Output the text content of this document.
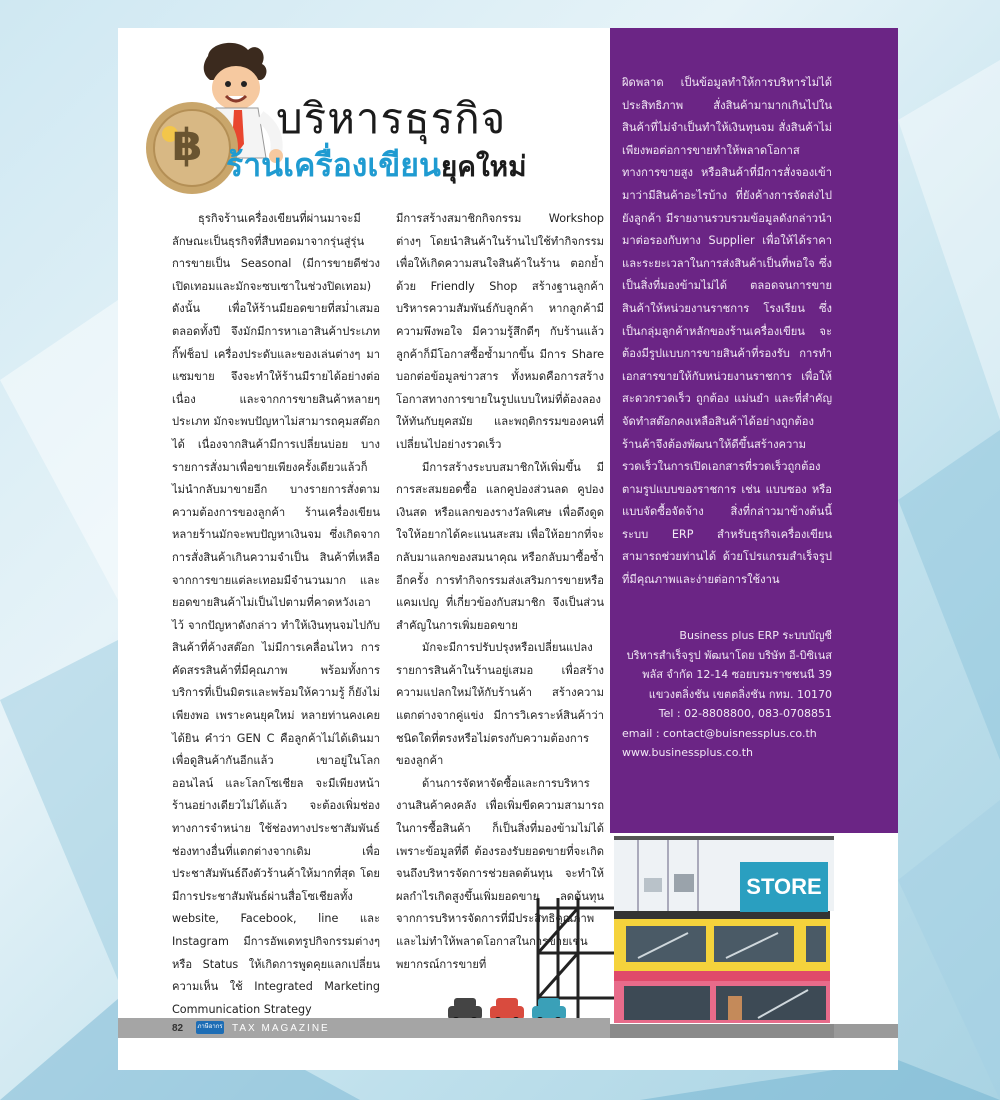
฿
บริหารธุรกิจ
ร้านเครื่องเขียนยุคใหม่

ธุรกิจร้านเครื่องเขียนที่ผ่านมาจะมีลักษณะเป็นธุรกิจที่สืบทอดมาจากรุ่นสู่รุ่น การขายเป็น Seasonal (มีการขายดีช่วงเปิดเทอมและมักจะซบเซาในช่วงปิดเทอม) ดังนั้น เพื่อให้ร้านมียอดขายที่สม่ำเสมอ ตลอดทั้งปี จึงมักมีการหาเอาสินค้าประเภทกิ๊ฟช็อป เครื่องประดับและของเล่นต่างๆ มาแซมขาย จึงจะทำให้ร้านมีรายได้อย่างต่อเนื่อง และจากการขายสินค้าหลายๆ ประเภท มักจะพบปัญหาไม่สามารถคุมสต๊อกได้ เนื่องจากสินค้ามีการเปลี่ยนบ่อย บางรายการสั่งมาเพื่อขายเพียงครั้งเดียวแล้วก็ไม่นำกลับมาขายอีก บางรายการสั่งตามความต้องการของลูกค้า ร้านเครื่องเขียนหลายร้านมักจะพบปัญหาเงินจม ซึ่งเกิดจากการสั่งสินค้าเกินความจำเป็น สินค้าที่เหลือจากการขายแต่ละเทอมมีจำนวนมาก และยอดขายสินค้าไม่เป็นไปตามที่คาดหวังเอาไว้ จากปัญหาดังกล่าว ทำให้เงินทุนจมไปกับสินค้าที่ค้างสต๊อก ไม่มีการเคลื่อนไหว การคัดสรรสินค้าที่มีคุณภาพ พร้อมทั้งการบริการที่เป็นมิตรและพร้อมให้ความรู้ ก็ยังไม่เพียงพอ เพราะคนยุคใหม่ หลายท่านคงเคยได้ยิน คำว่า GEN C คือลูกค้าไม่ได้เดินมาเพื่อดูสินค้ากันอีกแล้ว เขาอยู่ในโลกออนไลน์ และโลกโซเชียล จะมีเพียงหน้าร้านอย่างเดียวไม่ได้แล้ว จะต้องเพิ่มช่องทางการจำหน่าย ใช้ช่องทางประชาสัมพันธ์ช่องทางอื่นที่แตกต่างจากเดิม เพื่อประชาสัมพันธ์ถึงตัวร้านค้าให้มากที่สุด โดยมีการประชาสัมพันธ์ผ่านสื่อโซเชียลทั้ง website, Facebook, line และ Instagram มีการอัพเดทรูปกิจกรรมต่างๆ หรือ Status ให้เกิดการพูดคุยแลกเปลี่ยน ความเห็น ใช้ Integrated Marketing Communication Strategy

มีการสร้างสมาชิกกิจกรรม Workshop ต่างๆ โดยนำสินค้าในร้านไปใช้ทำกิจกรรม เพื่อให้เกิดความสนใจสินค้าในร้าน ตอกย้ำด้วย Friendly Shop สร้างฐานลูกค้า บริหารความสัมพันธ์กับลูกค้า หากลูกค้ามีความพึงพอใจ มีความรู้สึกดีๆ กับร้านแล้ว ลูกค้าก็มีโอกาสซื้อซ้ำมากขึ้น มีการ Share บอกต่อข้อมูลข่าวสาร ทั้งหมดคือการสร้างโอกาสทางการขายในรูปแบบใหม่ที่ต้องลองให้ทันกับยุคสมัย และพฤติกรรมของคนที่เปลี่ยนไปอย่างรวดเร็ว

มีการสร้างระบบสมาชิกให้เพิ่มขึ้น มีการสะสมยอดซื้อ แลกคูปองส่วนลด คูปองเงินสด หรือแลกของรางวัลพิเศษ เพื่อดึงดูดใจให้อยากได้คะแนนสะสม เพื่อให้อยากที่จะกลับมาแลกของสมนาคุณ หรือกลับมาซื้อซ้ำอีกครั้ง การทำกิจกรรมส่งเสริมการขายหรือแคมเปญ ที่เกี่ยวข้องกับสมาชิก จึงเป็นส่วนสำคัญในการเพิ่มยอดขาย

มักจะมีการปรับปรุงหรือเปลี่ยนแปลงรายการสินค้าในร้านอยู่เสมอ เพื่อสร้างความแปลกใหม่ให้กับร้านค้า สร้างความแตกต่างจากคู่แข่ง มีการวิเคราะห์สินค้าว่าชนิดใดที่ตรงหรือไม่ตรงกับความต้องการของลูกค้า

ด้านการจัดหาจัดซื้อและการบริหารงานสินค้าคงคลัง เพื่อเพิ่มขีดความสามารถในการซื้อสินค้า ก็เป็นสิ่งที่มองข้ามไม่ได้ เพราะข้อมูลที่ดี ต้องรองรับยอดขายที่จะเกิด จนถึงบริหารจัดการช่วยลดต้นทุน จะทำให้ผลกำไรเกิดสูงขึ้นเพิ่มยอดขาย ลดต้นทุนจากการบริหารจัดการที่มีประสิทธิคุณภาพ และไม่ทำให้พลาดโอกาสในการขายเช่น พยากรณ์การขายที่

ผิดพลาด เป็นข้อมูลทำให้การบริหารไม่ได้ประสิทธิภาพ สั่งสินค้ามามากเกินไปในสินค้าที่ไม่จำเป็นทำให้เงินทุนจม สั่งสินค้าไม่เพียงพอต่อการขายทำให้พลาดโอกาสทางการขายสูง หรือสินค้าที่มีการสั่งจองเข้ามาว่ามีสินค้าอะไรบ้าง ที่ยังค้างการจัดส่งไปยังลูกค้า มีรายงานรวบรวมข้อมูลดังกล่าวนำมาต่อรองกับทาง Supplier เพื่อให้ได้ราคาและระยะเวลาในการส่งสินค้าเป็นที่พอใจ ซึ่งเป็นสิ่งที่มองข้ามไม่ได้ ตลอดจนการขายสินค้าให้หน่วยงานราชการ โรงเรียน ซึ่งเป็นกลุ่มลูกค้าหลักของร้านเครื่องเขียน จะต้องมีรูปแบบการขายสินค้าที่รองรับ การทำเอกสารขายให้กับหน่วยงานราชการ เพื่อให้สะดวกรวดเร็ว ถูกต้อง แม่นยำ และที่สำคัญจัดทำสต๊อกคงเหลือสินค้าได้อย่างถูกต้อง ร้านค้าจึงต้องพัฒนาให้ดีขึ้นสร้างความรวดเร็วในการเปิดเอกสารที่รวดเร็วถูกต้องตามรูปแบบของราชการ เช่น แบบซอง หรือแบบจัดซื้อจัดจ้าง สิ่งที่กล่าวมาข้างต้นนี้ ระบบ ERP สำหรับธุรกิจเครื่องเขียน สามารถช่วยท่านได้ ด้วยโปรแกรมสำเร็จรูปที่มีคุณภาพและง่ายต่อการใช้งาน

Business plus ERP ระบบบัญชี
บริหารสำเร็จรูป พัฒนาโดย บริษัท อี-บิซิเนส
พลัส จำกัด 12-14 ซอยบรมราชชนนี 39
แขวงตลิ่งชัน เขตตลิ่งชัน กทม. 10170
Tel : 02-8808800, 083-0708851
email : contact@buisnessplus.co.th
www.businessplus.co.th
STORE
82 ภาษีอากร TAX MAGAZINE
